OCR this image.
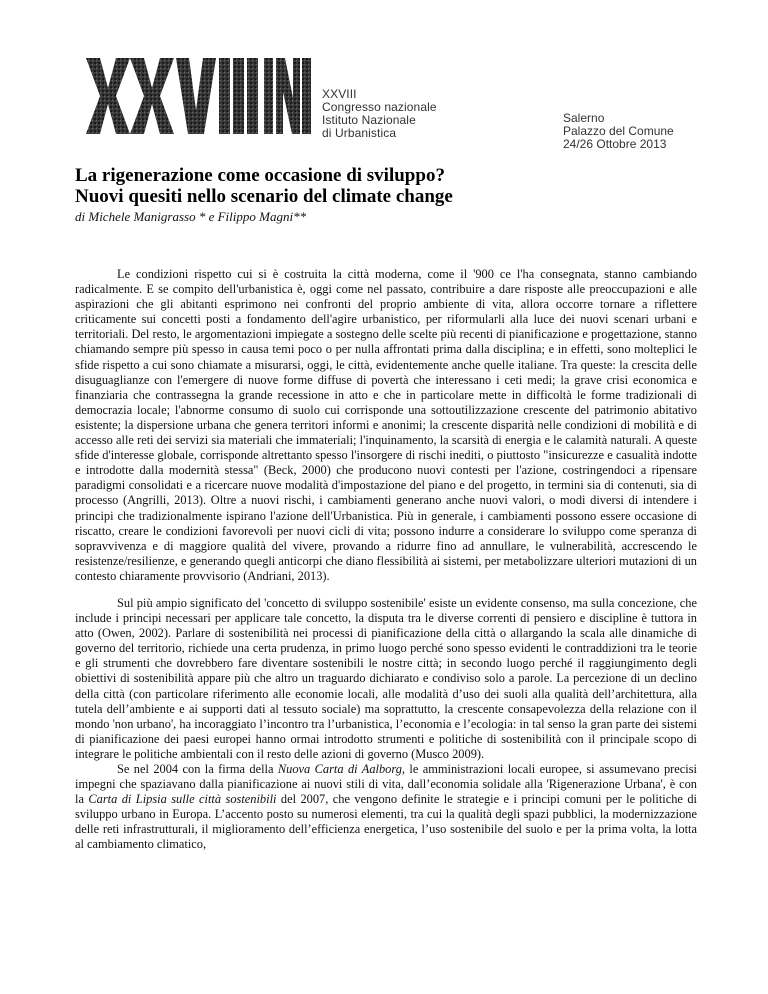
XXVIII
Congresso nazionale
Istituto Nazionale
di Urbanistica
Salerno
Palazzo del Comune
24/26 Ottobre 2013
La rigenerazione come occasione di sviluppo?
Nuovi quesiti nello scenario del climate change
di Michele Manigrasso * e Filippo Magni**

Le condizioni rispetto cui si è costruita la città moderna, come il '900 ce l'ha consegnata, stanno cambiando radicalmente. E se compito dell'urbanistica è, oggi come nel passato, contribuire a dare risposte alle preoccupazioni e alle aspirazioni che gli abitanti esprimono nei confronti del proprio ambiente di vita, allora occorre tornare a riflettere criticamente sui concetti posti a fondamento dell'agire urbanistico, per riformularli alla luce dei nuovi scenari urbani e territoriali. Del resto, le argomentazioni impiegate a sostegno delle scelte più recenti di pianificazione e progettazione, stanno chiamando sempre più spesso in causa temi poco o per nulla affrontati prima dalla disciplina; e in effetti, sono molteplici le sfide rispetto a cui sono chiamate a misurarsi, oggi, le città, evidentemente anche quelle italiane. Tra queste: la crescita delle disuguaglianze con l'emergere di nuove forme diffuse di povertà che interessano i ceti medi; la grave crisi economica e finanziaria che contrassegna la grande recessione in atto e che in particolare mette in difficoltà le forme tradizionali di democrazia locale; l'abnorme consumo di suolo cui corrisponde una sottoutilizzazione crescente del patrimonio abitativo esistente; la dispersione urbana che genera territori informi e anonimi; la crescente disparità nelle condizioni di mobilità e di accesso alle reti dei servizi sia materiali che immateriali; l'inquinamento, la scarsità di energia e le calamità naturali. A queste sfide d'interesse globale, corrisponde altrettanto spesso l'insorgere di rischi inediti, o piuttosto "insicurezze e casualità indotte e introdotte dalla modernità stessa" (Beck, 2000) che producono nuovi contesti per l'azione, costringendoci a ripensare paradigmi consolidati e a ricercare nuove modalità d'impostazione del piano e del progetto, in termini sia di contenuti, sia di processo (Angrilli, 2013). Oltre a nuovi rischi, i cambiamenti generano anche nuovi valori, o modi diversi di intendere i principi che tradizionalmente ispirano l'azione dell'Urbanistica. Più in generale, i cambiamenti possono essere occasione di riscatto, creare le condizioni favorevoli per nuovi cicli di vita; possono indurre a considerare lo sviluppo come speranza di sopravvivenza e di maggiore qualità del vivere, provando a ridurre fino ad annullare, le vulnerabilità, accrescendo le resistenze/resilienze, e generando quegli anticorpi che diano flessibilità ai sistemi, per metabolizzare ulteriori mutazioni di un contesto chiaramente provvisorio (Andriani, 2013).

Sul più ampio significato del 'concetto di sviluppo sostenibile' esiste un evidente consenso, ma sulla concezione, che include i principi necessari per applicare tale concetto, la disputa tra le diverse correnti di pensiero e discipline è tuttora in atto (Owen, 2002). Parlare di sostenibilità nei processi di pianificazione della città o allargando la scala alle dinamiche di governo del territorio, richiede una certa prudenza, in primo luogo perché sono spesso evidenti le contraddizioni tra le teorie e gli strumenti che dovrebbero fare diventare sostenibili le nostre città; in secondo luogo perché il raggiungimento degli obiettivi di sostenibilità appare più che altro un traguardo dichiarato e condiviso solo a parole. La percezione di un declino della città (con particolare riferimento alle economie locali, alle modalità d’uso dei suoli alla qualità dell’architettura, alla tutela dell’ambiente e ai supporti dati al tessuto sociale) ma soprattutto, la crescente consapevolezza della relazione con il mondo 'non urbano', ha incoraggiato l’incontro tra l’urbanistica, l’economia e l’ecologia: in tal senso la gran parte dei sistemi di pianificazione dei paesi europei hanno ormai introdotto strumenti e politiche di sostenibilità con il principale scopo di integrare le politiche ambientali con il resto delle azioni di governo (Musco 2009).

Se nel 2004 con la firma della Nuova Carta di Aalborg, le amministrazioni locali europee, si assumevano precisi impegni che spaziavano dalla pianificazione ai nuovi stili di vita, dall’economia solidale alla 'Rigenerazione Urbana', è con la Carta di Lipsia sulle città sostenibili del 2007, che vengono definite le strategie e i principi comuni per le politiche di sviluppo urbano in Europa. L’accento posto su numerosi elementi, tra cui la qualità degli spazi pubblici, la modernizzazione delle reti infrastrutturali, il miglioramento dell’efficienza energetica, l’uso sostenibile del suolo e per la prima volta, la lotta al cambiamento climatico,
